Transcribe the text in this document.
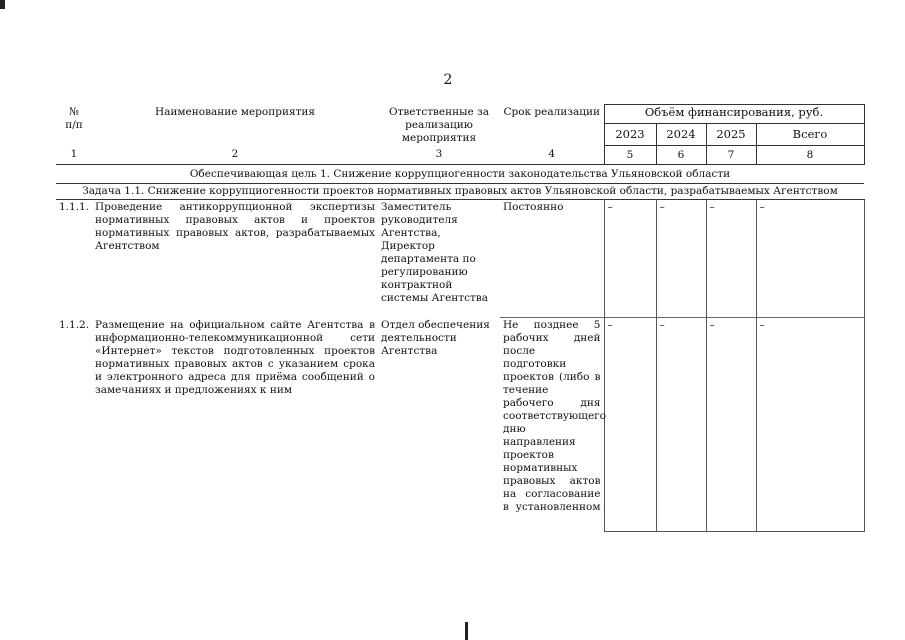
2
№
п/п	Наименование мероприятия	Ответственные за реализацию мероприятия	Срок реализации	Объём финансирования, руб.			
				2023	2024	2025	Всего
1	2	3	4	5	6	7	8
Обеспечивающая цель 1. Снижение коррупциогенности законодательства Ульяновской области							
Задача 1.1. Снижение коррупциогенности проектов нормативных правовых актов Ульяновской области, разрабатываемых Агентством							
1.1.1.	Проведение антикоррупционной экспертизы нормативных правовых актов и проектов нормативных правовых актов, разрабатываемых Агентством	Заместитель руководителя Агентства, Директор департамента по регулированию контрактной системы Агентства	Постоянно	–	–	–	–
1.1.2.	Размещение на официальном сайте Агентства в информационно-телекоммуникационной сети «Интернет» текстов подготовленных проектов нормативных правовых актов с указанием срока и электронного адреса для приёма сообщений о замечаниях и предложениях к ним	Отдел обеспечения деятельности Агентства	Не позднее 5 рабочих дней после подготовки проектов (либо в течение рабочего дня соответствующего дню направления проектов нормативных правовых актов на согласование в установленном	–	–	–	–
